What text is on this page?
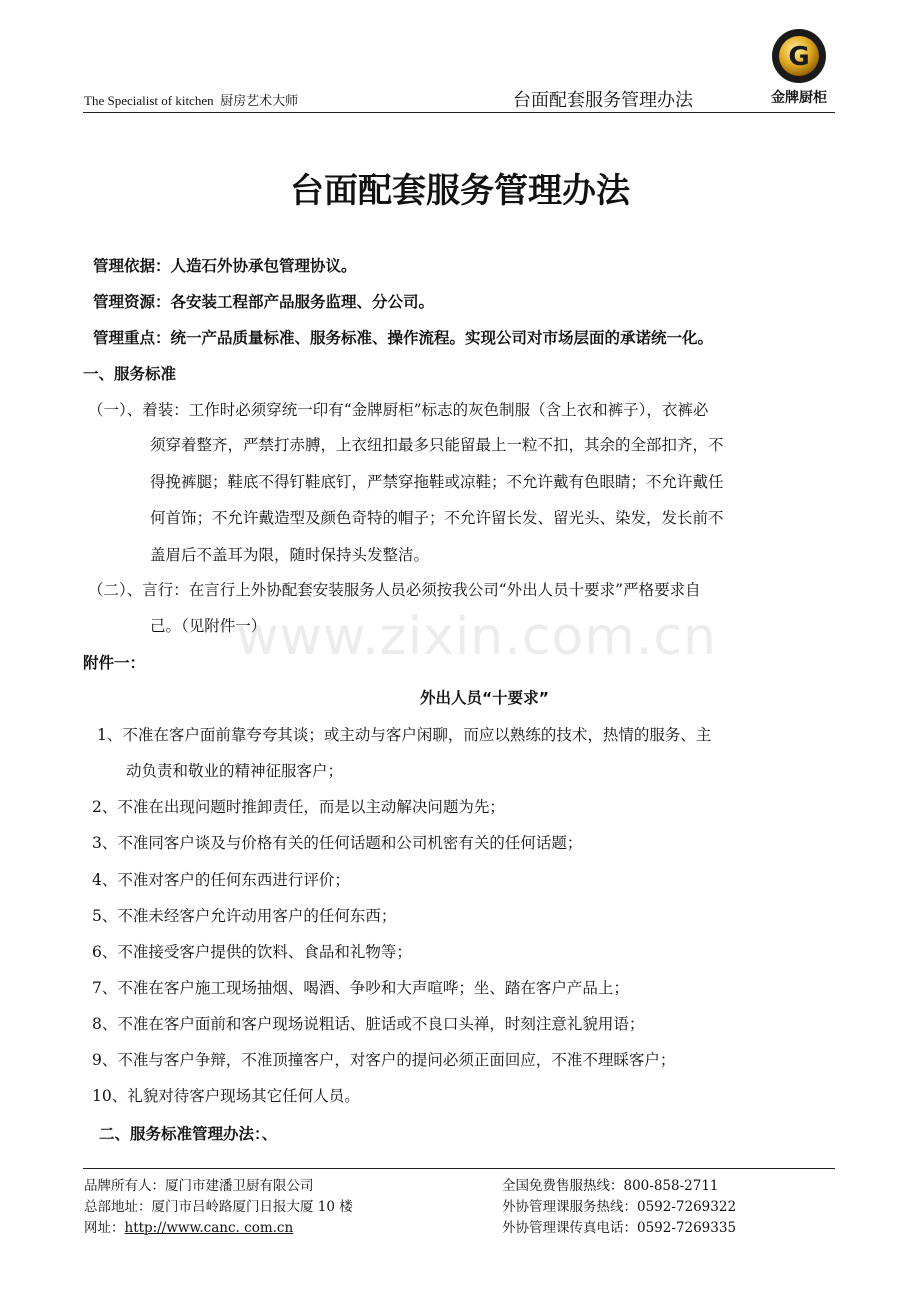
The Specialist of kitchen 厨房艺术大师	台面配套服务管理办法
G
金牌厨柜
台面配套服务管理办法
管理依据：人造石外协承包管理协议。
管理资源：各安装工程部产品服务监理、分公司。
管理重点：统一产品质量标准、服务标准、操作流程。实现公司对市场层面的承诺统一化。
一、服务标准
（一）、着装：工作时必须穿统一印有“金牌厨柜”标志的灰色制服（含上衣和裤子），衣裤必
须穿着整齐，严禁打赤膊，上衣纽扣最多只能留最上一粒不扣，其余的全部扣齐，不
得挽裤腿；鞋底不得钉鞋底钉，严禁穿拖鞋或凉鞋；不允许戴有色眼睛；不允许戴任
何首饰；不允许戴造型及颜色奇特的帽子；不允许留长发、留光头、染发，发长前不
盖眉后不盖耳为限，随时保持头发整洁。
（二）、言行：在言行上外协配套安装服务人员必须按我公司“外出人员十要求”严格要求自
己。（见附件一）
www.zixin.com.cn
附件一：
外出人员“十要求”
1、不准在客户面前靠夸夸其谈；或主动与客户闲聊，而应以熟练的技术，热情的服务、主
动负责和敬业的精神征服客户；
2、不准在出现问题时推卸责任，而是以主动解决问题为先；
3、不准同客户谈及与价格有关的任何话题和公司机密有关的任何话题；
4、不准对客户的任何东西进行评价；
5、不准未经客户允许动用客户的任何东西；
6、不准接受客户提供的饮料、食品和礼物等；
7、不准在客户施工现场抽烟、喝酒、争吵和大声喧哗；坐、踏在客户产品上；
8、不准在客户面前和客户现场说粗话、脏话或不良口头禅，时刻注意礼貌用语；
9、不准与客户争辩，不准顶撞客户，对客户的提问必须正面回应，不准不理睬客户；
10、礼貌对待客户现场其它任何人员。
二、服务标准管理办法：、
品牌所有人：厦门市建潘卫厨有限公司
总部地址：厦门市吕岭路厦门日报大厦 10 楼
网址：http://www.canc. com.cn
全国免费售服热线：800-858-2711
外协管理课服务热线：0592-7269322
外协管理课传真电话：0592-7269335
